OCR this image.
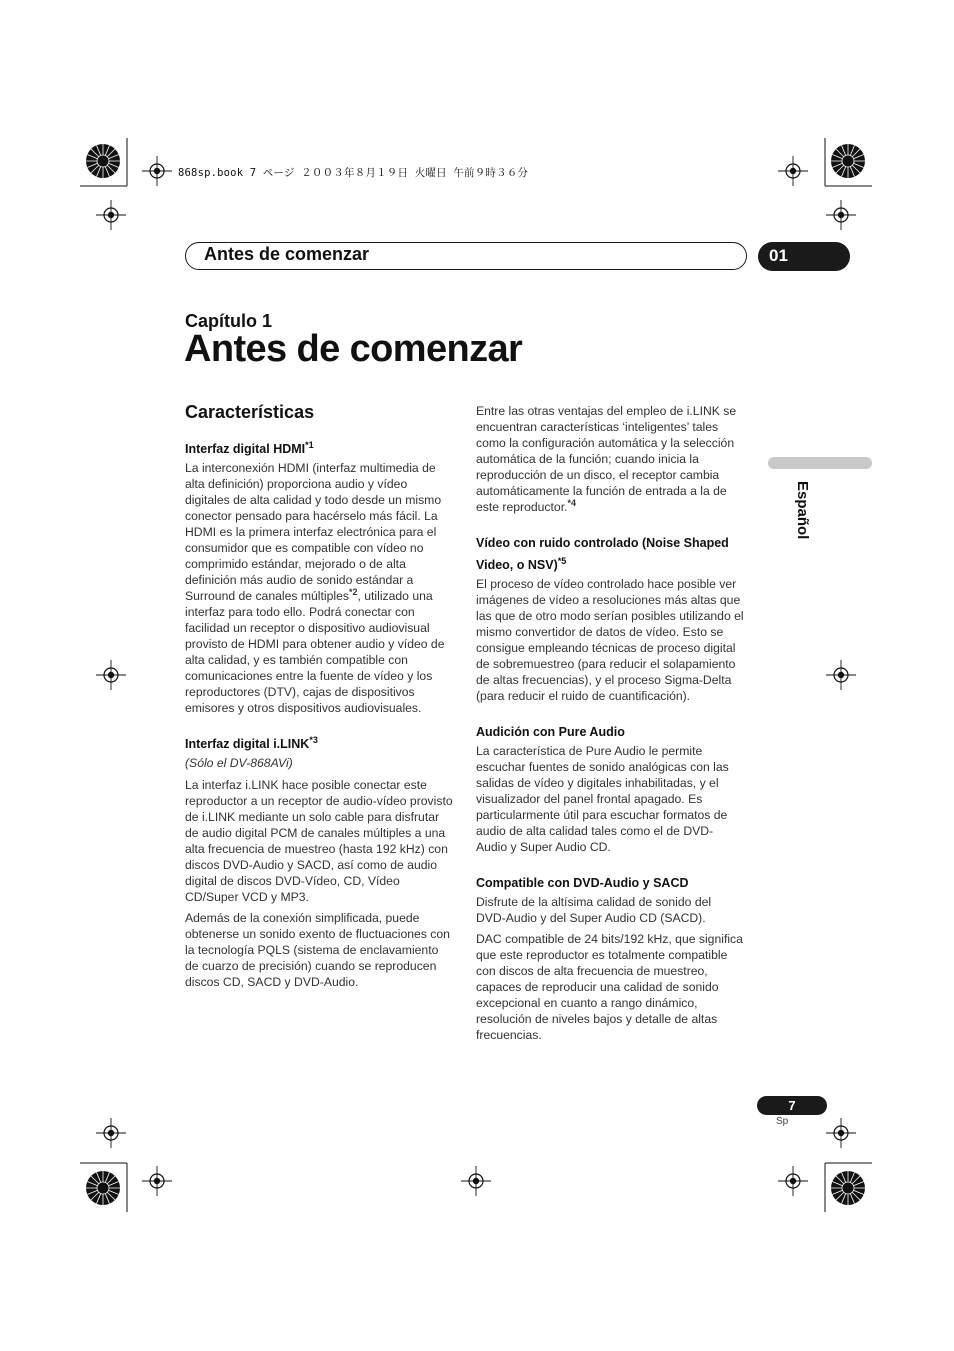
868sp.book 7 ページ ２００３年８月１９日 火曜日 午前９時３６分
Antes de comenzar	01
Capítulo 1
Antes de comenzar
Características
Interfaz digital HDMI$^{*1}$

La interconexión HDMI (interfaz multimedia de alta definición) proporciona audio y vídeo digitales de alta calidad y todo desde un mismo conector pensado para hacérselo más fácil. La HDMI es la primera interfaz electrónica para el consumidor que es compatible con vídeo no comprimido estándar, mejorado o de alta definición más audio de sonido estándar a Surround de canales múltiples$^{*2}$, utilizado una interfaz para todo ello. Podrá conectar con facilidad un receptor o dispositivo audiovisual provisto de HDMI para obtener audio y vídeo de alta calidad, y es también compatible con comunicaciones entre la fuente de vídeo y los reproductores (DTV), cajas de dispositivos emisores y otros dispositivos audiovisuales.

Interfaz digital i.LINK$^{*3}$

(Sólo el DV-868AVi)

La interfaz i.LINK hace posible conectar este reproductor a un receptor de audio-vídeo provisto de i.LINK mediante un solo cable para disfrutar de audio digital PCM de canales múltiples a una alta frecuencia de muestreo (hasta 192 kHz) con discos DVD-Audio y SACD, así como de audio digital de discos DVD-Vídeo, CD, Vídeo CD/Super VCD y MP3.

Además de la conexión simplificada, puede obtenerse un sonido exento de fluctuaciones con la tecnología PQLS (sistema de enclavamiento de cuarzo de precisión) cuando se reproducen discos CD, SACD y DVD-Audio.

Entre las otras ventajas del empleo de i.LINK se encuentran características ‘inteligentes’ tales como la configuración automática y la selección automática de la función; cuando inicia la reproducción de un disco, el receptor cambia automáticamente la función de entrada a la de este reproductor.$^{*4}$

Vídeo con ruido controlado (Noise Shaped Video, o NSV)$^{*5}$

El proceso de vídeo controlado hace posible ver imágenes de vídeo a resoluciones más altas que las que de otro modo serían posibles utilizando el mismo convertidor de datos de vídeo. Esto se consigue empleando técnicas de proceso digital de sobremuestreo (para reducir el solapamiento de altas frecuencias), y el proceso Sigma-Delta (para reducir el ruido de cuantificación).

Audición con Pure Audio

La característica de Pure Audio le permite escuchar fuentes de sonido analógicas con las salidas de vídeo y digitales inhabilitadas, y el visualizador del panel frontal apagado. Es particularmente útil para escuchar formatos de audio de alta calidad tales como el de DVD-Audio y Super Audio CD.

Compatible con DVD-Audio y SACD

Disfrute de la altísima calidad de sonido del DVD-Audio y del Super Audio CD (SACD).

DAC compatible de 24 bits/192 kHz, que significa que este reproductor es totalmente compatible con discos de alta frecuencia de muestreo, capaces de reproducir una calidad de sonido excepcional en cuanto a rango dinámico, resolución de niveles bajos y detalle de altas frecuencias.

Español
7
Sp
